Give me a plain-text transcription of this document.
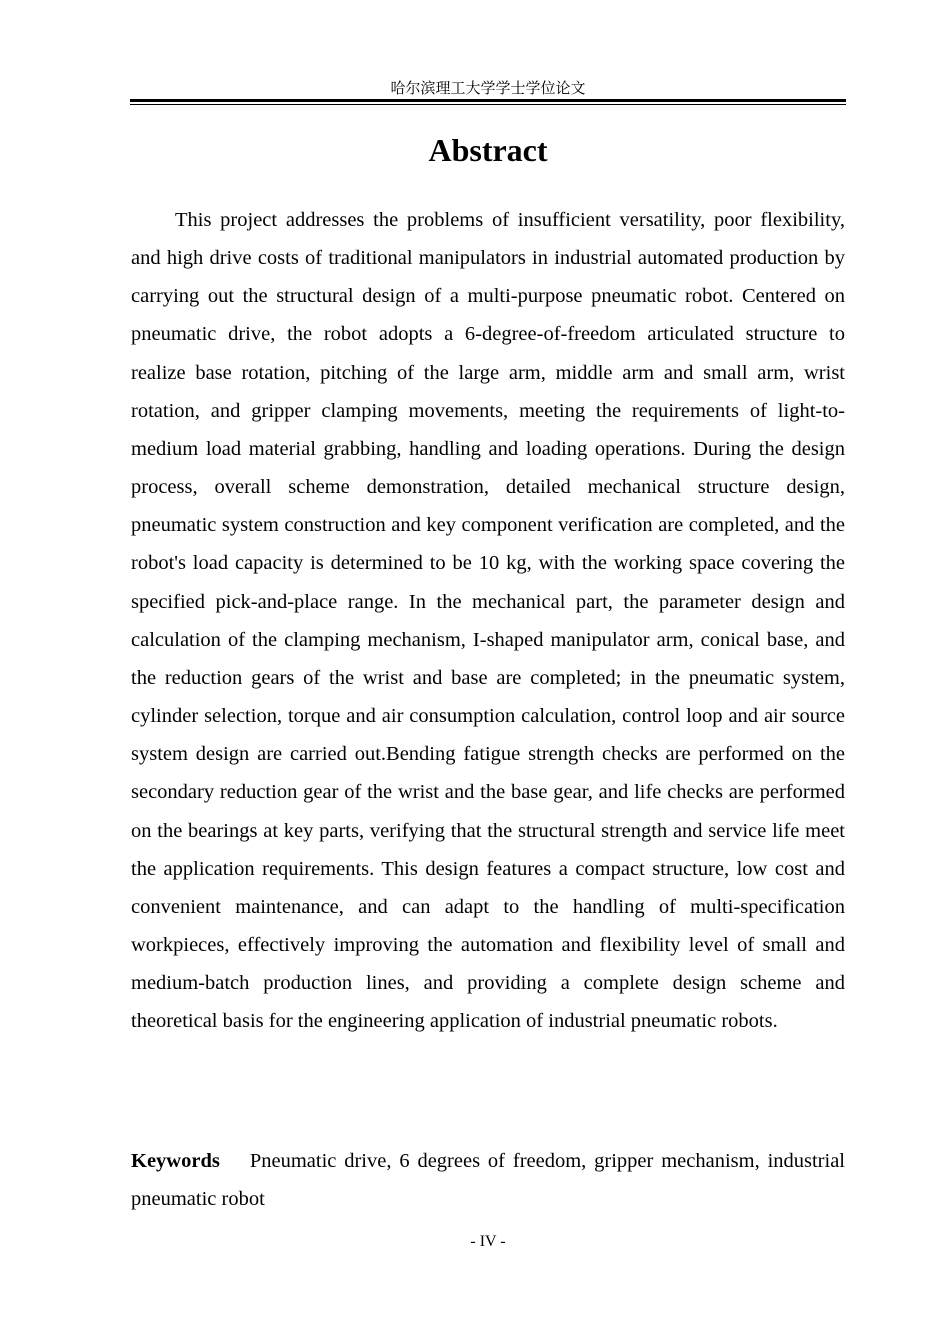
哈尔滨理工大学学士学位论文
Abstract

This project addresses the problems of insufficient versatility, poor flexibility, and high drive costs of traditional manipulators in industrial automated production by carrying out the structural design of a multi-purpose pneumatic robot. Centered on pneumatic drive, the robot adopts a 6-degree-of-freedom articulated structure to realize base rotation, pitching of the large arm, middle arm and small arm, wrist rotation, and gripper clamping movements, meeting the requirements of light-to-medium load material grabbing, handling and loading operations. During the design process, overall scheme demonstration, detailed mechanical structure design, pneumatic system construction and key component verification are completed, and the robot's load capacity is determined to be 10 kg, with the working space covering the specified pick-and-place range. In the mechanical part, the parameter design and calculation of the clamping mechanism, I-shaped manipulator arm, conical base, and the reduction gears of the wrist and base are completed; in the pneumatic system, cylinder selection, torque and air consumption calculation, control loop and air source system design are carried out.Bending fatigue strength checks are performed on the secondary reduction gear of the wrist and the base gear, and life checks are performed on the bearings at key parts, verifying that the structural strength and service life meet the application requirements. This design features a compact structure, low cost and convenient maintenance, and can adapt to the handling of multi-specification workpieces, effectively improving the automation and flexibility level of small and medium-batch production lines, and providing a complete design scheme and theoretical basis for the engineering application of industrial pneumatic robots.

Keywords Pneumatic drive, 6 degrees of freedom, gripper mechanism, industrial pneumatic robot

- IV -
